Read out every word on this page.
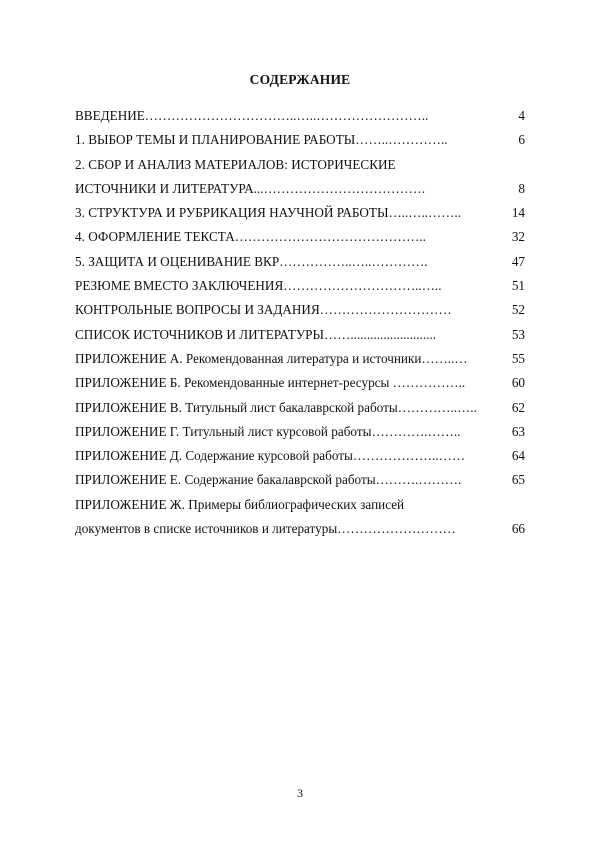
СОДЕРЖАНИЕ
ВВЕДЕНИЕ……………………………..…..……………………..	4
1. ВЫБОР ТЕМЫ И ПЛАНИРОВАНИЕ РАБОТЫ……..…………..	6
2. СБОР И АНАЛИЗ МАТЕРИАЛОВ: ИСТОРИЧЕСКИЕ
ИСТОЧНИКИ И ЛИТЕРАТУРА...……………………………….	8
3. СТРУКТУРА И РУБРИКАЦИЯ НАУЧНОЙ РАБОТЫ…..…..……..	14
4. ОФОРМЛЕНИЕ ТЕКСТА……………………………………..	32
5. ЗАЩИТА И ОЦЕНИВАНИЕ ВКР……………..…..………….	47
РЕЗЮМЕ ВМЕСТО ЗАКЛЮЧЕНИЯ…………………………..…..	51
КОНТРОЛЬНЫЕ ВОПРОСЫ И ЗАДАНИЯ…………………………	52
СПИСОК ИСТОЧНИКОВ И ЛИТЕРАТУРЫ……..........................	53
ПРИЛОЖЕНИЕ А. Рекомендованная литература и источники……..…	55
ПРИЛОЖЕНИЕ Б. Рекомендованные интернет-ресурсы ……………..	60
ПРИЛОЖЕНИЕ В. Титульный лист бакалаврской работы…………..…..	62
ПРИЛОЖЕНИЕ Г. Титульный лист курсовой работы………….……..	63
ПРИЛОЖЕНИЕ Д. Содержание курсовой работы………………..……	64
ПРИЛОЖЕНИЕ Е. Содержание бакалаврской работы……….……….	65
ПРИЛОЖЕНИЕ Ж. Примеры библиографических записей
документов в списке источников и литературы………………………	66
3
